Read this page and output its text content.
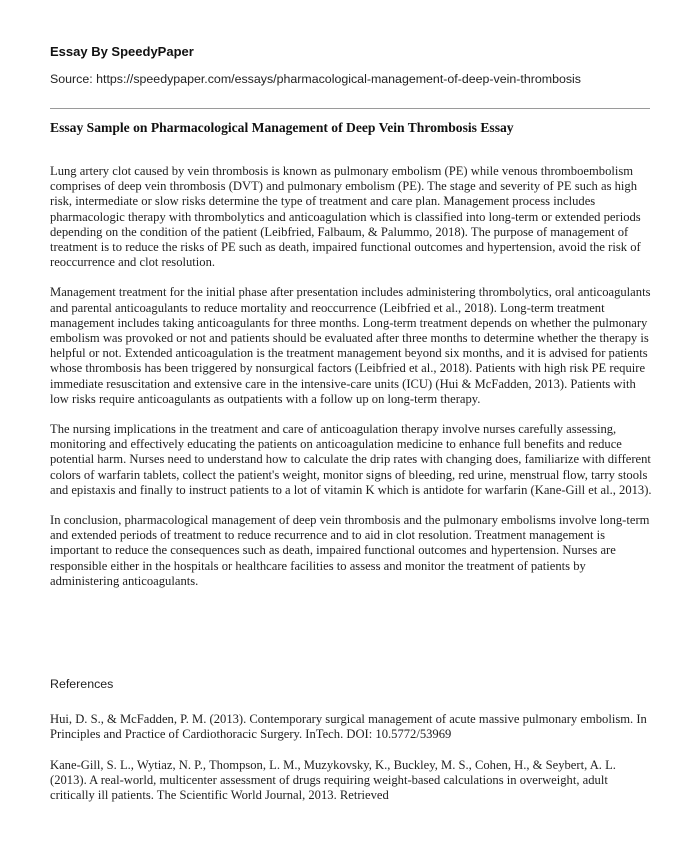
Essay By SpeedyPaper
Source: https://speedypaper.com/essays/pharmacological-management-of-deep-vein-thrombosis
Essay Sample on Pharmacological Management of Deep Vein Thrombosis Essay

Lung artery clot caused by vein thrombosis is known as pulmonary embolism (PE) while venous thromboembolism comprises of deep vein thrombosis (DVT) and pulmonary embolism (PE). The stage and severity of PE such as high risk, intermediate or slow risks determine the type of treatment and care plan. Management process includes pharmacologic therapy with thrombolytics and anticoagulation which is classified into long-term or extended periods depending on the condition of the patient (Leibfried, Falbaum, & Palummo, 2018). The purpose of management of treatment is to reduce the risks of PE such as death, impaired functional outcomes and hypertension, avoid the risk of reoccurrence and clot resolution.

Management treatment for the initial phase after presentation includes administering thrombolytics, oral anticoagulants and parental anticoagulants to reduce mortality and reoccurrence (Leibfried et al., 2018). Long-term treatment management includes taking anticoagulants for three months. Long-term treatment depends on whether the pulmonary embolism was provoked or not and patients should be evaluated after three months to determine whether the therapy is helpful or not. Extended anticoagulation is the treatment management beyond six months, and it is advised for patients whose thrombosis has been triggered by nonsurgical factors (Leibfried et al., 2018). Patients with high risk PE require immediate resuscitation and extensive care in the intensive-care units (ICU) (Hui & McFadden, 2013). Patients with low risks require anticoagulants as outpatients with a follow up on long-term therapy.

The nursing implications in the treatment and care of anticoagulation therapy involve nurses carefully assessing, monitoring and effectively educating the patients on anticoagulation medicine to enhance full benefits and reduce potential harm. Nurses need to understand how to calculate the drip rates with changing does, familiarize with different colors of warfarin tablets, collect the patient's weight, monitor signs of bleeding, red urine, menstrual flow, tarry stools and epistaxis and finally to instruct patients to a lot of vitamin K which is antidote for warfarin (Kane-Gill et al., 2013).

In conclusion, pharmacological management of deep vein thrombosis and the pulmonary embolisms involve long-term and extended periods of treatment to reduce recurrence and to aid in clot resolution. Treatment management is important to reduce the consequences such as death, impaired functional outcomes and hypertension. Nurses are responsible either in the hospitals or healthcare facilities to assess and monitor the treatment of patients by administering anticoagulants.

References

Hui, D. S., & McFadden, P. M. (2013). Contemporary surgical management of acute massive pulmonary embolism. In Principles and Practice of Cardiothoracic Surgery. InTech. DOI: 10.5772/53969

Kane-Gill, S. L., Wytiaz, N. P., Thompson, L. M., Muzykovsky, K., Buckley, M. S., Cohen, H., & Seybert, A. L. (2013). A real-world, multicenter assessment of drugs requiring weight-based calculations in overweight, adult critically ill patients. The Scientific World Journal, 2013. Retrieved
